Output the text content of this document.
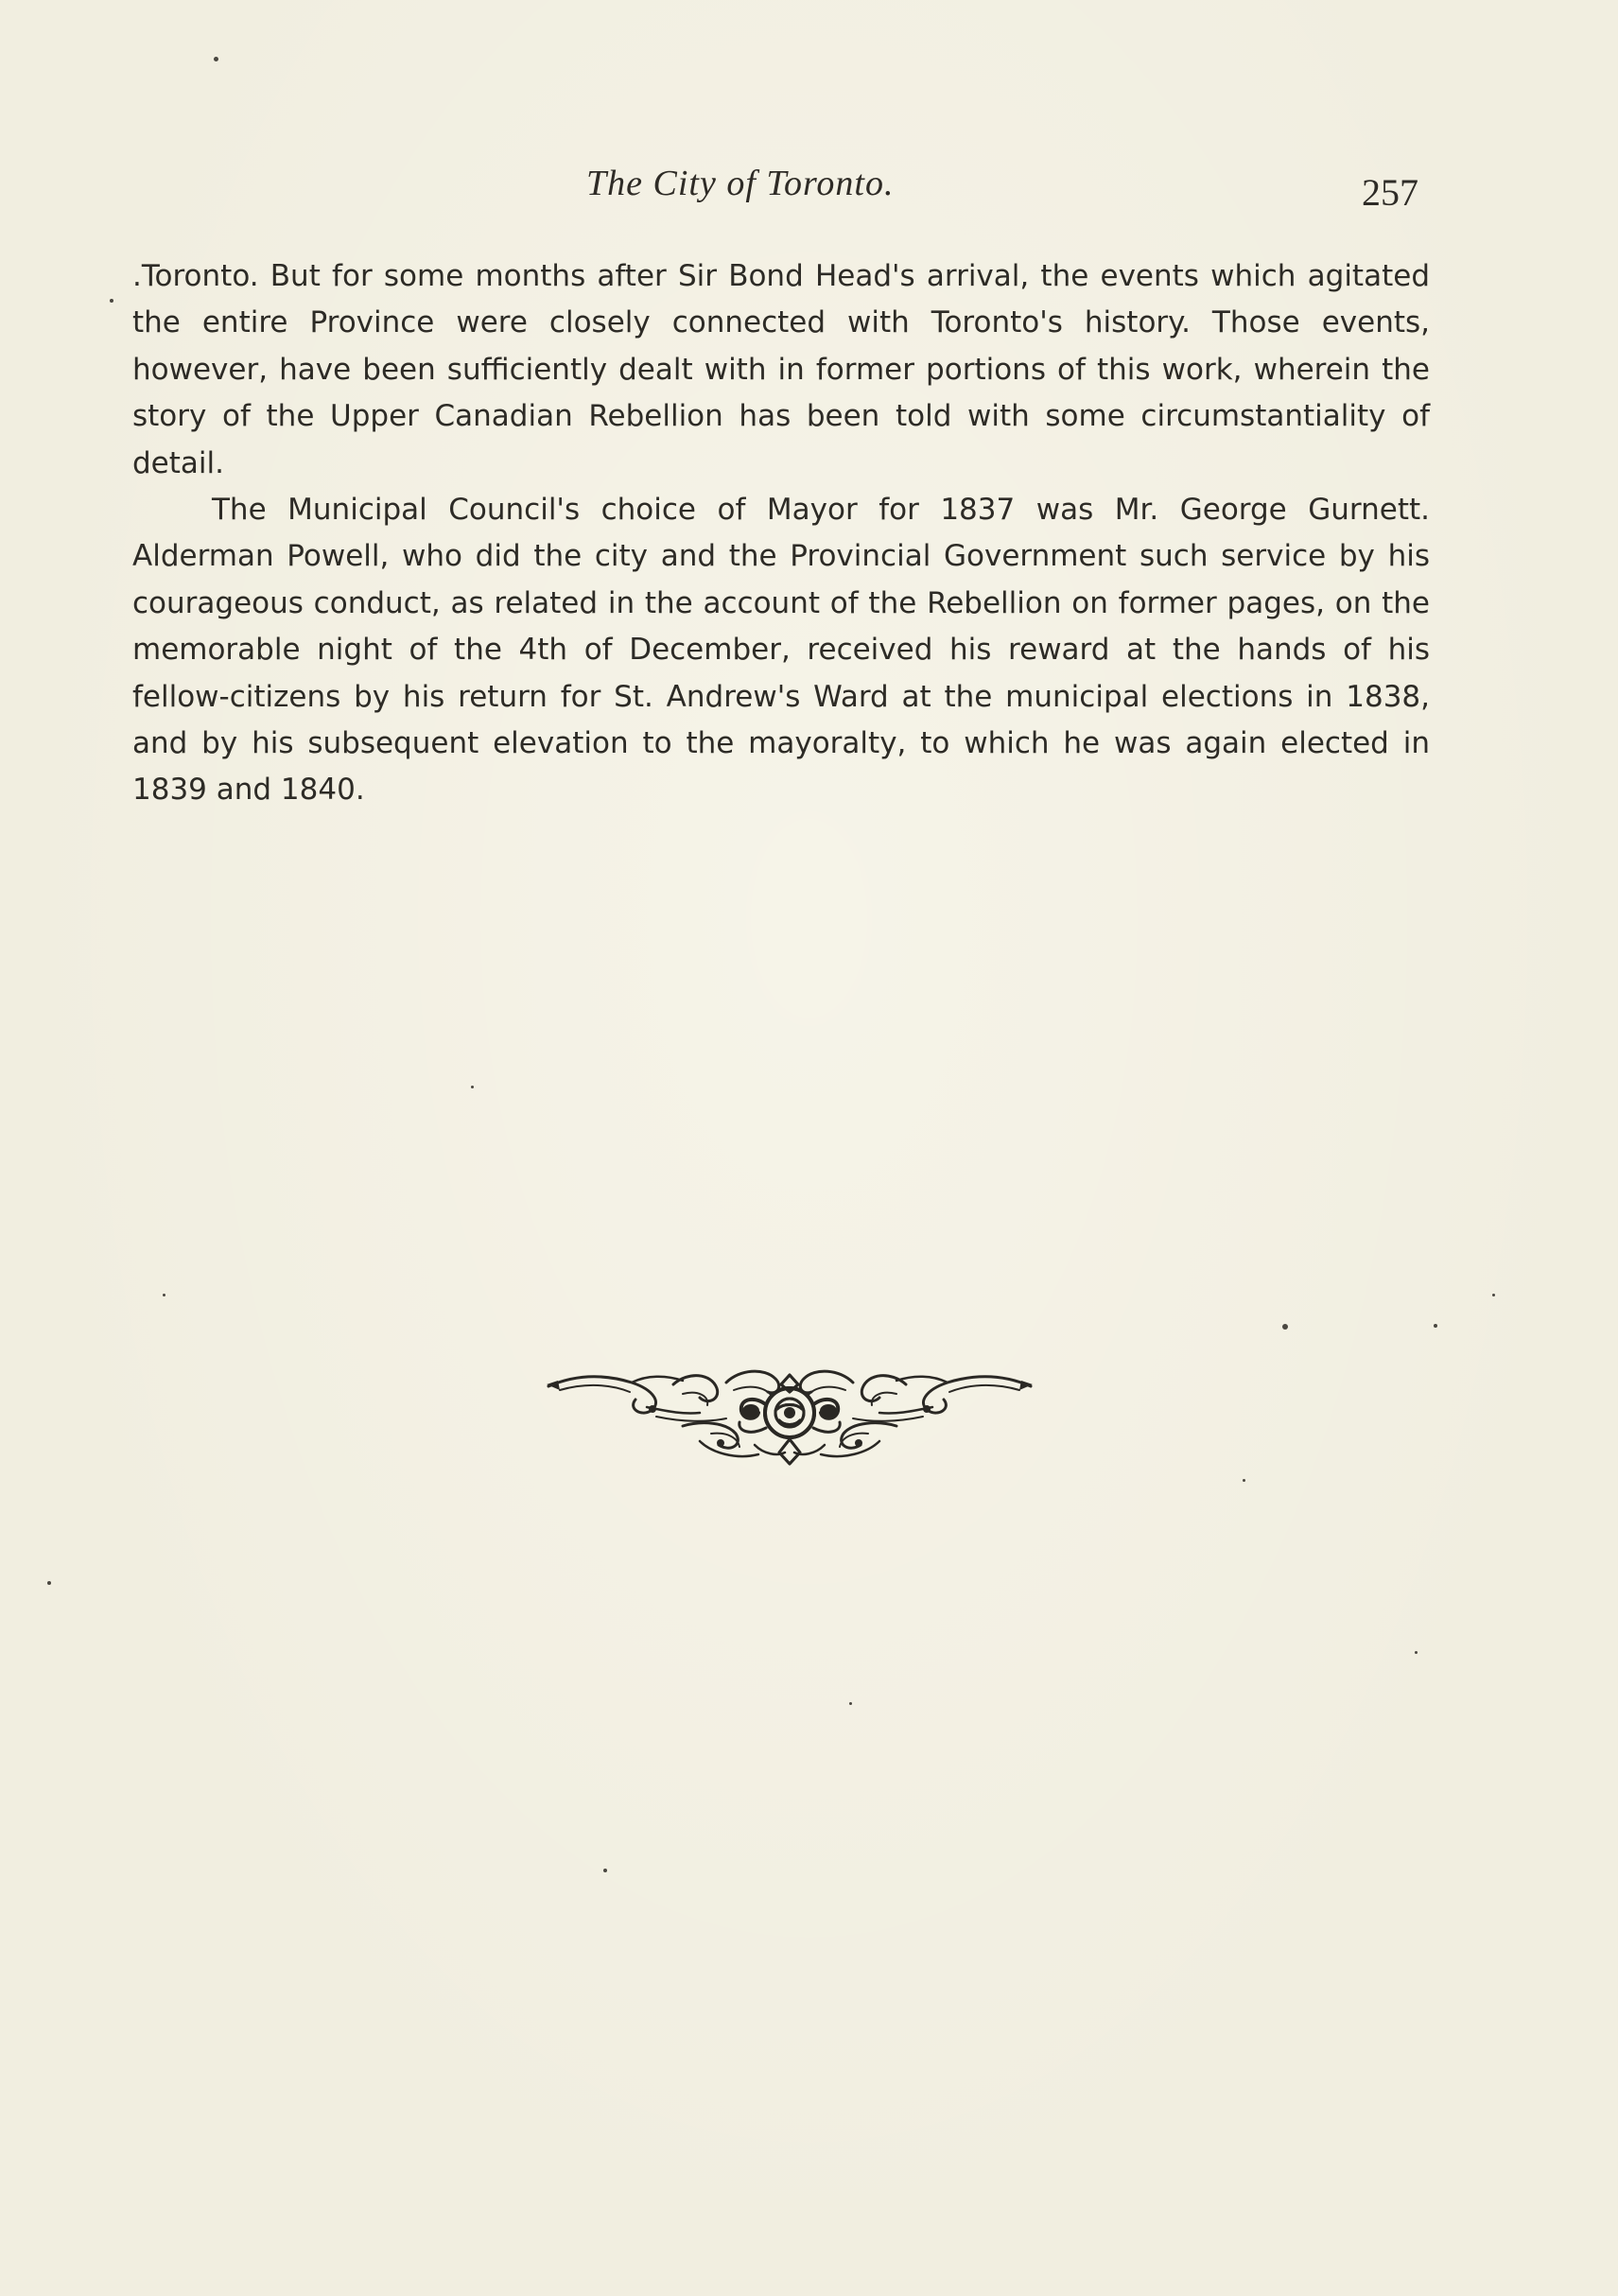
The City of Toronto.	257

.Toronto. But for some months after Sir Bond Head's arrival, the events which agitated the entire Province were closely connected with Toronto's history. Those events, however, have been sufficiently dealt with in former portions of this work, wherein the story of the Upper Canadian Rebellion has been told with some circumstantiality of detail.

The Municipal Council's choice of Mayor for 1837 was Mr. George Gurnett. Alderman Powell, who did the city and the Provincial Government such service by his courageous conduct, as related in the account of the Rebellion on former pages, on the memorable night of the 4th of December, received his reward at the hands of his fellow-citizens by his return for St. Andrew's Ward at the municipal elections in 1838, and by his subsequent elevation to the mayoralty, to which he was again elected in 1839 and 1840.
